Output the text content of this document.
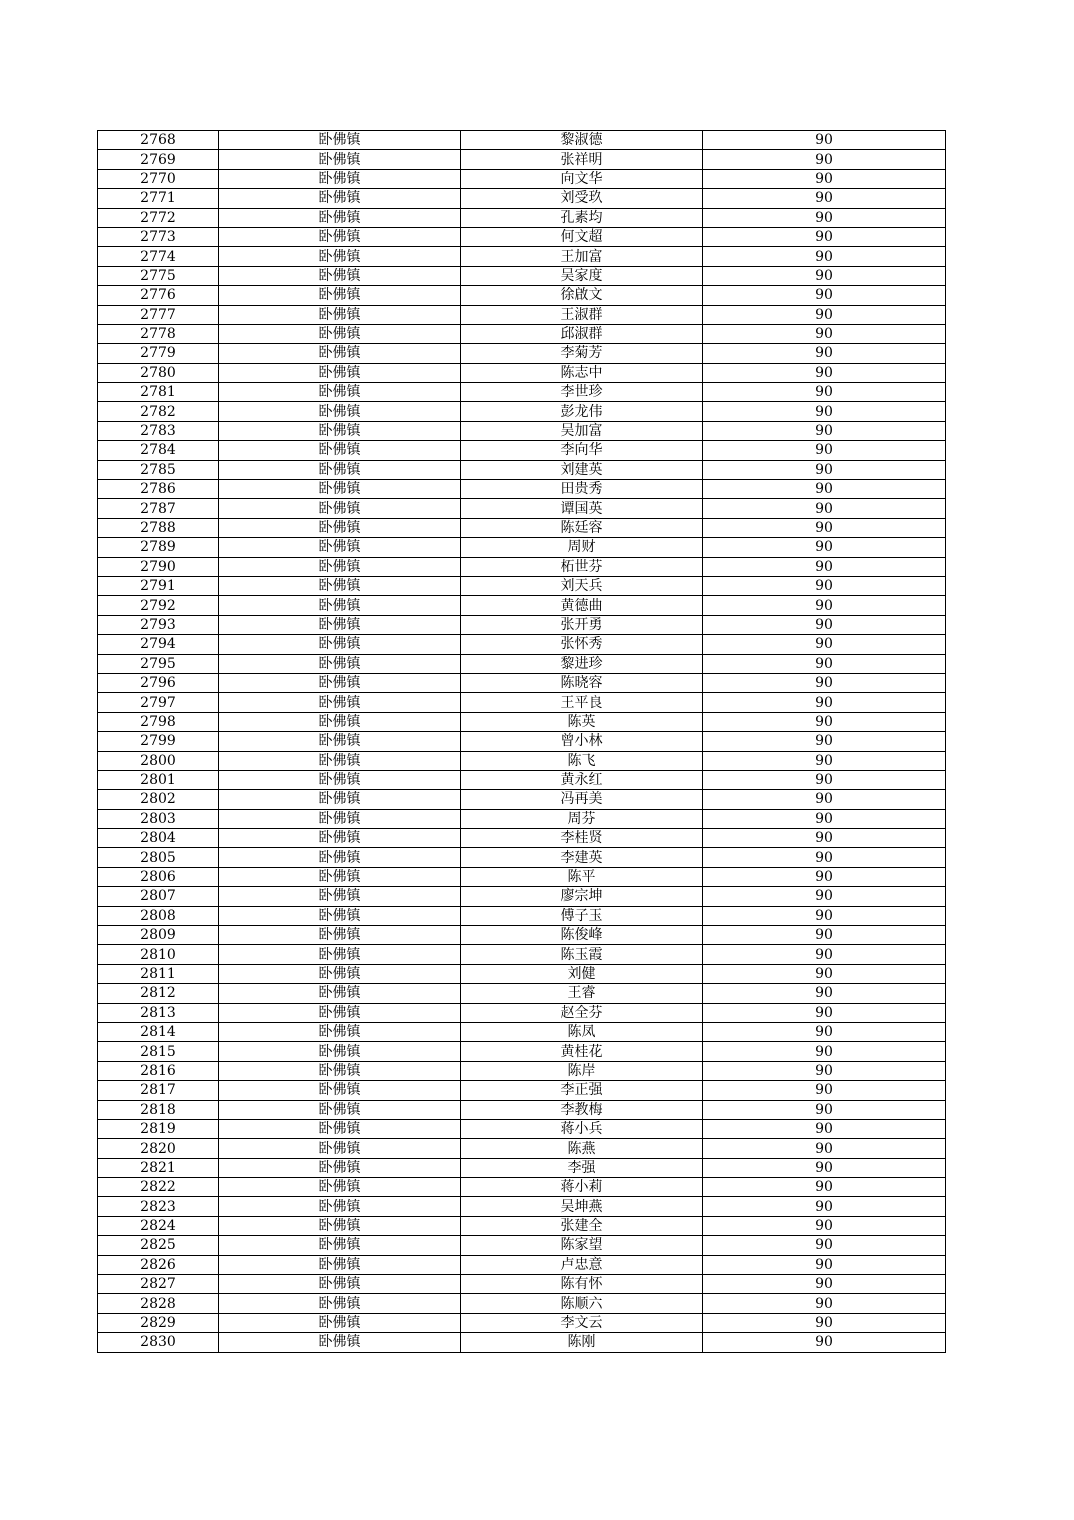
2768	卧佛镇	黎淑德	90
2769	卧佛镇	张祥明	90
2770	卧佛镇	向文华	90
2771	卧佛镇	刘受玖	90
2772	卧佛镇	孔素均	90
2773	卧佛镇	何文超	90
2774	卧佛镇	王加富	90
2775	卧佛镇	吴家度	90
2776	卧佛镇	徐啟文	90
2777	卧佛镇	王淑群	90
2778	卧佛镇	邱淑群	90
2779	卧佛镇	李菊芳	90
2780	卧佛镇	陈志中	90
2781	卧佛镇	李世珍	90
2782	卧佛镇	彭龙伟	90
2783	卧佛镇	吴加富	90
2784	卧佛镇	李向华	90
2785	卧佛镇	刘建英	90
2786	卧佛镇	田贵秀	90
2787	卧佛镇	谭国英	90
2788	卧佛镇	陈廷容	90
2789	卧佛镇	周财	90
2790	卧佛镇	柘世芬	90
2791	卧佛镇	刘天兵	90
2792	卧佛镇	黄德曲	90
2793	卧佛镇	张开勇	90
2794	卧佛镇	张怀秀	90
2795	卧佛镇	黎进珍	90
2796	卧佛镇	陈晓容	90
2797	卧佛镇	王平良	90
2798	卧佛镇	陈英	90
2799	卧佛镇	曾小林	90
2800	卧佛镇	陈飞	90
2801	卧佛镇	黄永红	90
2802	卧佛镇	冯再美	90
2803	卧佛镇	周芬	90
2804	卧佛镇	李桂贤	90
2805	卧佛镇	李建英	90
2806	卧佛镇	陈平	90
2807	卧佛镇	廖宗坤	90
2808	卧佛镇	傅子玉	90
2809	卧佛镇	陈俊峰	90
2810	卧佛镇	陈玉霞	90
2811	卧佛镇	刘健	90
2812	卧佛镇	王睿	90
2813	卧佛镇	赵全芬	90
2814	卧佛镇	陈凤	90
2815	卧佛镇	黄桂花	90
2816	卧佛镇	陈岸	90
2817	卧佛镇	李正强	90
2818	卧佛镇	李教梅	90
2819	卧佛镇	蒋小兵	90
2820	卧佛镇	陈燕	90
2821	卧佛镇	李强	90
2822	卧佛镇	蒋小莉	90
2823	卧佛镇	吴坤燕	90
2824	卧佛镇	张建全	90
2825	卧佛镇	陈家望	90
2826	卧佛镇	卢忠意	90
2827	卧佛镇	陈有怀	90
2828	卧佛镇	陈顺六	90
2829	卧佛镇	李文云	90
2830	卧佛镇	陈刚	90
